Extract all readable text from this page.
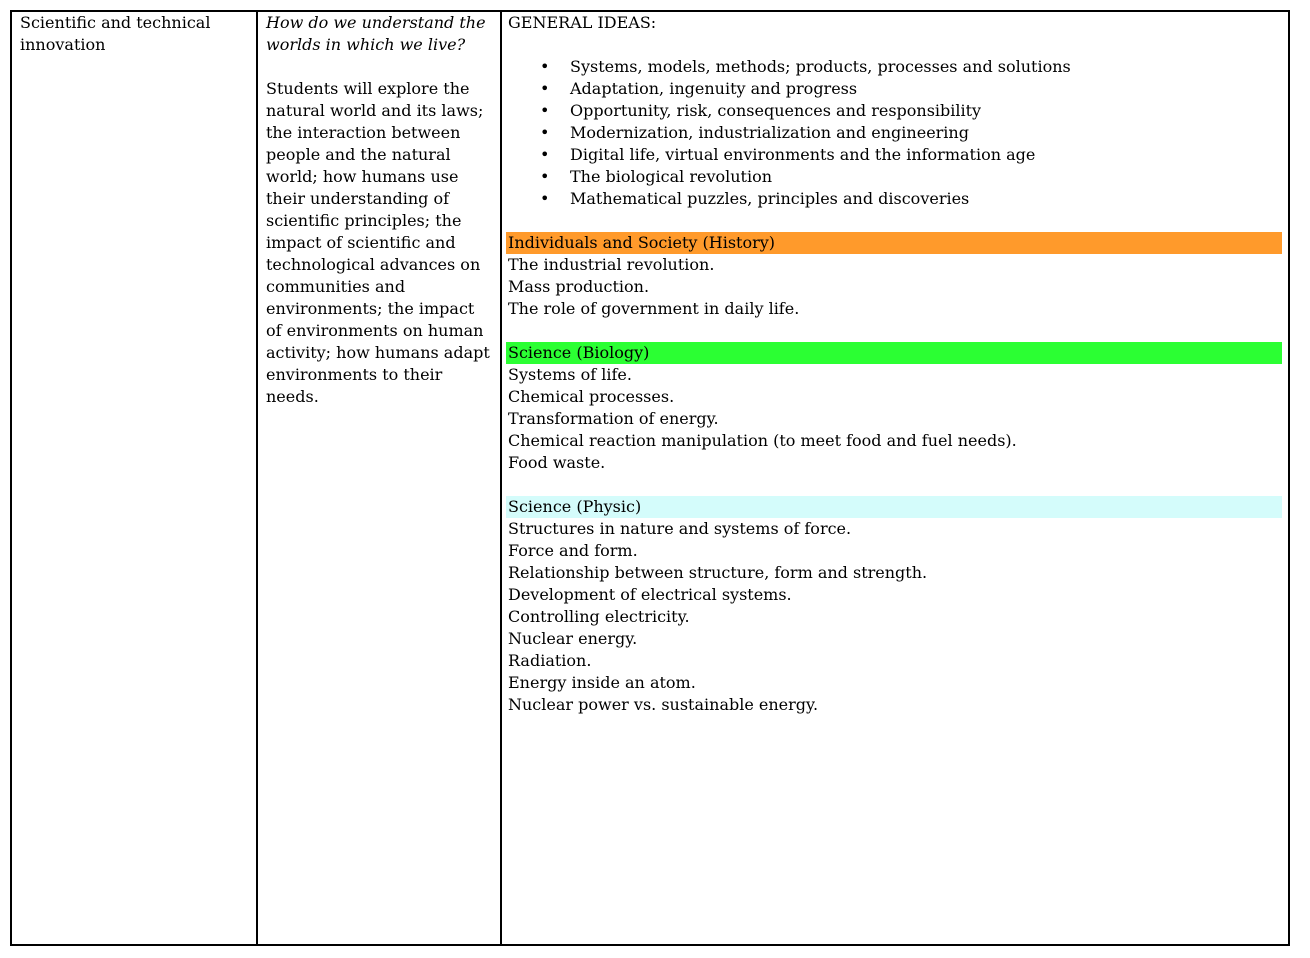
Scientific and technical innovation
How do we understand the worlds in which we live?
Students will explore the natural world and its laws; the interaction between people and the natural world; how humans use their understanding of scientific principles; the impact of scientific and technological advances on communities and environments; the impact of environments on human activity; how humans adapt environments to their needs.
GENERAL IDEAS:
• Systems, models, methods; products, processes and solutions
• Adaptation, ingenuity and progress
• Opportunity, risk, consequences and responsibility
• Modernization, industrialization and engineering
• Digital life, virtual environments and the information age
• The biological revolution
• Mathematical puzzles, principles and discoveries
Individuals and Society (History)
The industrial revolution.
Mass production.
The role of government in daily life.
Science (Biology)
Systems of life.
Chemical processes.
Transformation of energy.
Chemical reaction manipulation (to meet food and fuel needs).
Food waste.
Science (Physic)
Structures in nature and systems of force.
Force and form.
Relationship between structure, form and strength.
Development of electrical systems.
Controlling electricity.
Nuclear energy.
Radiation.
Energy inside an atom.
Nuclear power vs. sustainable energy.
